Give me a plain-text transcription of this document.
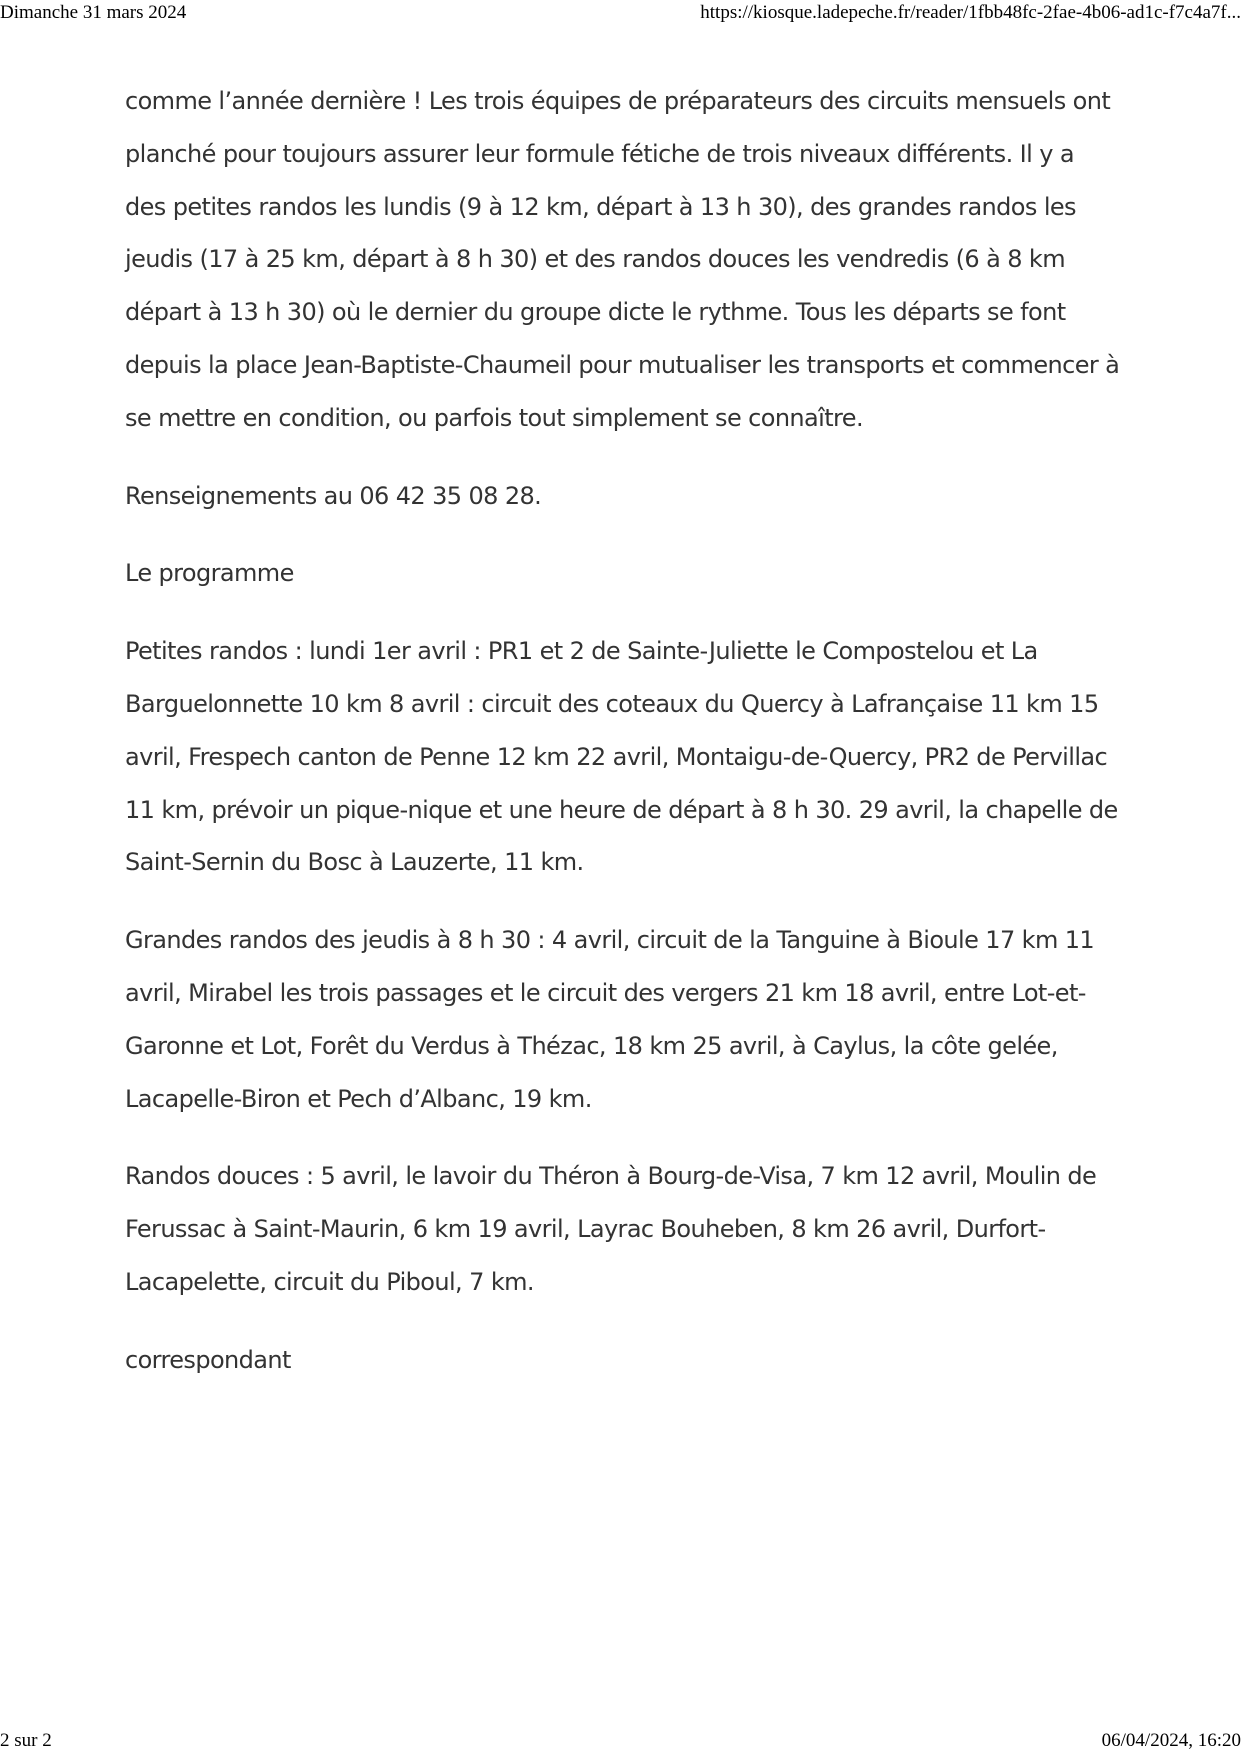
Dimanche 31 mars 2024	https://kiosque.ladepeche.fr/reader/1fbb48fc-2fae-4b06-ad1c-f7c4a7f...

comme l’année dernière ! Les trois équipes de préparateurs des circuits mensuels ont planché pour toujours assurer leur formule fétiche de trois niveaux différents. Il y a des petites randos les lundis (9 à 12 km, départ à 13 h 30), des grandes randos les jeudis (17 à 25 km, départ à 8 h 30) et des randos douces les vendredis (6 à 8 km départ à 13 h 30) où le dernier du groupe dicte le rythme. Tous les départs se font depuis la place Jean-Baptiste-Chaumeil pour mutualiser les transports et commencer à se mettre en condition, ou parfois tout simplement se connaître.

Renseignements au 06 42 35 08 28.

Le programme

Petites randos : lundi 1er avril : PR1 et 2 de Sainte-Juliette le Compostelou et La Barguelonnette 10 km 8 avril : circuit des coteaux du Quercy à Lafrançaise 11 km 15 avril, Frespech canton de Penne 12 km 22 avril, Montaigu-de-Quercy, PR2 de Pervillac 11 km, prévoir un pique-nique et une heure de départ à 8 h 30. 29 avril, la chapelle de Saint-Sernin du Bosc à Lauzerte, 11 km.

Grandes randos des jeudis à 8 h 30 : 4 avril, circuit de la Tanguine à Bioule 17 km 11 avril, Mirabel les trois passages et le circuit des vergers 21 km 18 avril, entre Lot-et-Garonne et Lot, Forêt du Verdus à Thézac, 18 km 25 avril, à Caylus, la côte gelée, Lacapelle-Biron et Pech d’Albanc, 19 km.

Randos douces : 5 avril, le lavoir du Théron à Bourg-de-Visa, 7 km 12 avril, Moulin de Ferussac à Saint-Maurin, 6 km 19 avril, Layrac Bouheben, 8 km 26 avril, Durfort-Lacapelette, circuit du Piboul, 7 km.

correspondant

2 sur 2	06/04/2024, 16:20
